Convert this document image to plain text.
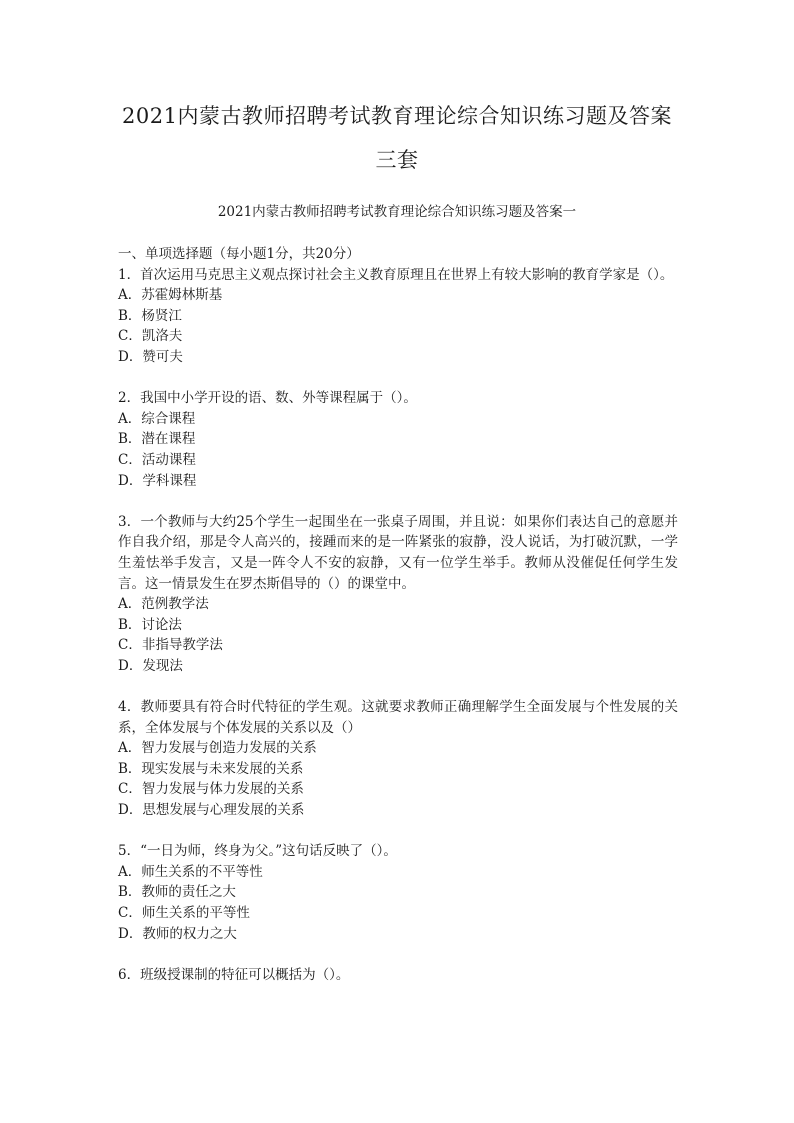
2021内蒙古教师招聘考试教育理论综合知识练习题及答案
三套
2021内蒙古教师招聘考试教育理论综合知识练习题及答案一

一、单项选择题（每小题1分，共20分）

1．首次运用马克思主义观点探讨社会主义教育原理且在世界上有较大影响的教育学家是（）。

A．苏霍姆林斯基
B．杨贤江
C．凯洛夫
D．赞可夫

2．我国中小学开设的语、数、外等课程属于（）。

A．综合课程
B．潜在课程
C．活动课程
D．学科课程

3．一个教师与大约25个学生一起围坐在一张桌子周围，并且说：如果你们表达自己的意愿并作自我介绍，那是令人高兴的，接踵而来的是一阵紧张的寂静，没人说话，为打破沉默，一学生羞怯举手发言，又是一阵令人不安的寂静，又有一位学生举手。教师从没催促任何学生发言。这一情景发生在罗杰斯倡导的（）的课堂中。

A．范例教学法
B．讨论法
C．非指导教学法
D．发现法

4．教师要具有符合时代特征的学生观。这就要求教师正确理解学生全面发展与个性发展的关系，全体发展与个体发展的关系以及（）

A．智力发展与创造力发展的关系
B．现实发展与未来发展的关系
C．智力发展与体力发展的关系
D．思想发展与心理发展的关系

5．“一日为师，终身为父。”这句话反映了（）。

A．师生关系的不平等性
B．教师的责任之大
C．师生关系的平等性
D．教师的权力之大

6．班级授课制的特征可以概括为（）。
